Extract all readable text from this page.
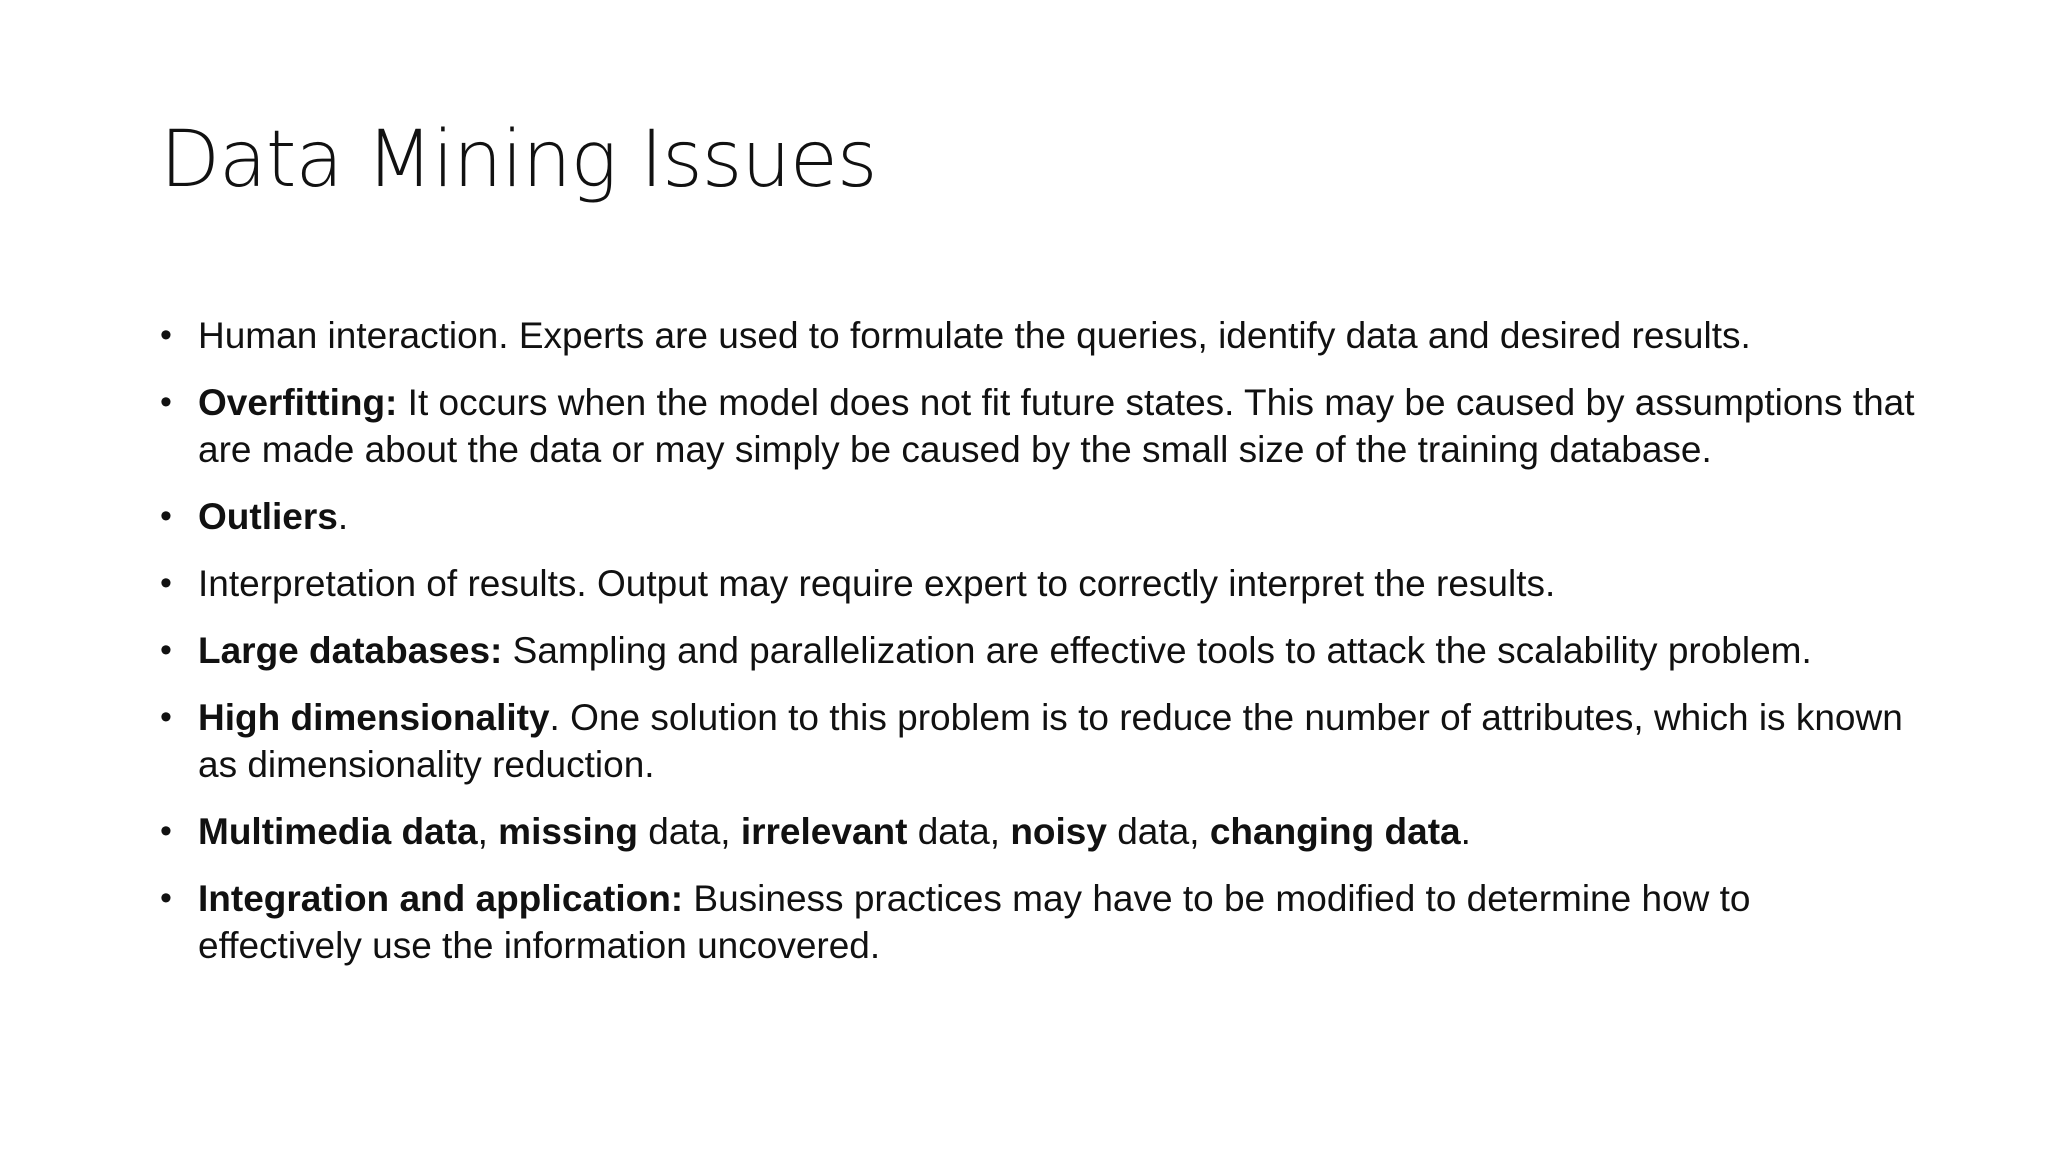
Data Mining Issues
• Human interaction. Experts are used to formulate the queries, identify data and desired results.
• Overfitting: It occurs when the model does not fit future states. This may be caused by assumptions that are made about the data or may simply be caused by the small size of the training database.
• Outliers.
• Interpretation of results. Output may require expert to correctly interpret the results.
• Large databases: Sampling and parallelization are effective tools to attack the scalability problem.
• High dimensionality. One solution to this problem is to reduce the number of attributes, which is known as dimensionality reduction.
• Multimedia data, missing data, irrelevant data, noisy data, changing data.
• Integration and application: Business practices may have to be modified to determine how to effectively use the information uncovered.
